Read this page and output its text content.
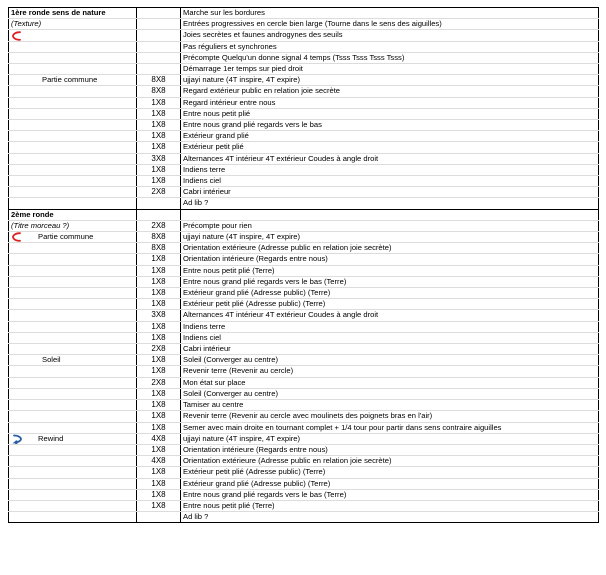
1ère ronde sens de nature		Marche sur les bordures

(Texture)		Entrées progressives en cercle bien large (Tourne dans le sens des aiguilles)

		Joies secrètes et faunes androgynes des seuils

		Pas réguliers et synchrones

		Précompte Quelqu'un donne signal 4 temps (Tsss Tsss Tsss Tsss)

		Démarrage 1er temps sur pied droit

Partie commune	8X8	ujjayi nature (4T inspire, 4T expire)

	8X8	Regard extérieur public en relation joie secrète

	1X8	Regard intérieur entre nous

	1X8	Entre nous petit plié

	1X8	Entre nous grand plié regards vers le bas

	1X8	Extérieur grand plié

	1X8	Extérieur petit plié

	3X8	Alternances 4T intérieur 4T extérieur Coudes à angle droit

	1X8	Indiens terre

	1X8	Indiens ciel

	2X8	Cabri intérieur

		Ad lib ?

2ème ronde		

(Titre morceau ?)	2X8	Précompte pour rien

Partie commune	8X8	ujjayi nature (4T inspire, 4T expire)

	8X8	Orientation extérieure (Adresse public en relation joie secrète)

	1X8	Orientation intérieure (Regards entre nous)

	1X8	Entre nous petit plié (Terre)

	1X8	Entre nous grand plié regards vers le bas (Terre)

	1X8	Extérieur grand plié (Adresse public) (Terre)

	1X8	Extérieur petit plié (Adresse public) (Terre)

	3X8	Alternances 4T intérieur 4T extérieur Coudes à angle droit

	1X8	Indiens terre

	1X8	Indiens ciel

	2X8	Cabri intérieur

Soleil	1X8	Soleil (Converger au centre)

	1X8	Revenir terre (Revenir au cercle)

	2X8	Mon état sur place

	1X8	Soleil (Converger au centre)

	1X8	Tamiser au centre

	1X8	Revenir terre (Revenir au cercle avec moulinets des poignets bras en l'air)

	1X8	Semer avec main droite en tournant complet + 1/4 tour pour partir dans sens contraire aiguilles

Rewind	4X8	ujjayi nature (4T inspire, 4T expire)

	1X8	Orientation intérieure (Regards entre nous)

	4X8	Orientation extérieure (Adresse public en relation joie secrète)

	1X8	Extérieur petit plié (Adresse public) (Terre)

	1X8	Extérieur grand plié (Adresse public) (Terre)

	1X8	Entre nous grand plié regards vers le bas (Terre)

	1X8	Entre nous petit plié (Terre)

		Ad lib ?
